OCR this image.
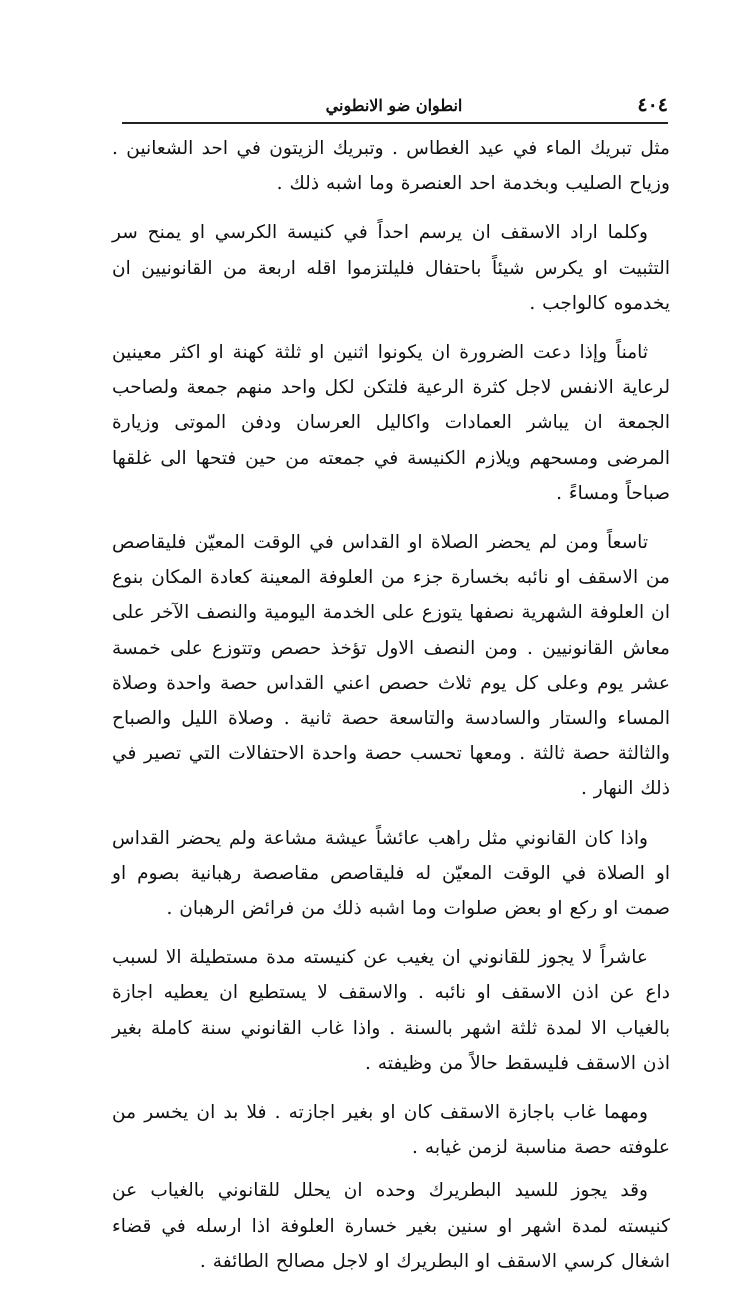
٤٠٤
انطوان ضو الانطوني

مثل تبريك الماء في عيد الغطاس . وتبريك الزيتون في احد الشعانين . وزياح الصليب وبخدمة احد العنصرة وما اشبه ذلك .

وكلما اراد الاسقف ان يرسم احداً في كنيسة الكرسي او يمنح سر التثبيت او يكرس شيئاً باحتفال فليلتزموا اقله اربعة من القانونيين ان يخدموه كالواجب .

ثامناً وإذا دعت الضرورة ان يكونوا اثنين او ثلثة كهنة او اكثر معينين لرعاية الانفس لاجل كثرة الرعية فلتكن لكل واحد منهم جمعة ولصاحب الجمعة ان يباشر العمادات واكاليل العرسان ودفن الموتى وزيارة المرضى ومسحهم ويلازم الكنيسة في جمعته من حين فتحها الى غلقها صباحاً ومساءً .

تاسعاً ومن لم يحضر الصلاة او القداس في الوقت المعيّن فليقاصص من الاسقف او نائبه بخسارة جزء من العلوفة المعينة كعادة المكان بنوع ان العلوفة الشهرية نصفها يتوزع على الخدمة اليومية والنصف الآخر على معاش القانونيين . ومن النصف الاول تؤخذ حصص وتتوزع على خمسة عشر يوم وعلى كل يوم ثلاث حصص اعني القداس حصة واحدة وصلاة المساء والستار والسادسة والتاسعة حصة ثانية . وصلاة الليل والصباح والثالثة حصة ثالثة . ومعها تحسب حصة واحدة الاحتفالات التي تصير في ذلك النهار .

واذا كان القانوني مثل راهب عائشاً عيشة مشاعة ولم يحضر القداس او الصلاة في الوقت المعيّن له فليقاصص مقاصصة رهبانية بصوم او صمت او ركع او بعض صلوات وما اشبه ذلك من فرائض الرهبان .

عاشراً لا يجوز للقانوني ان يغيب عن كنيسته مدة مستطيلة الا لسبب داع عن اذن الاسقف او نائبه . والاسقف لا يستطيع ان يعطيه اجازة بالغياب الا لمدة ثلثة اشهر بالسنة . واذا غاب القانوني سنة كاملة بغير اذن الاسقف فليسقط حالاً من وظيفته .

ومهما غاب باجازة الاسقف كان او بغير اجازته . فلا بد ان يخسر من علوفته حصة مناسبة لزمن غيابه .

وقد يجوز للسيد البطريرك وحده ان يحلل للقانوني بالغياب عن كنيسته لمدة اشهر او سنين بغير خسارة العلوفة اذا ارسله في قضاء اشغال كرسي الاسقف او البطريرك او لاجل مصالح الطائفة .
